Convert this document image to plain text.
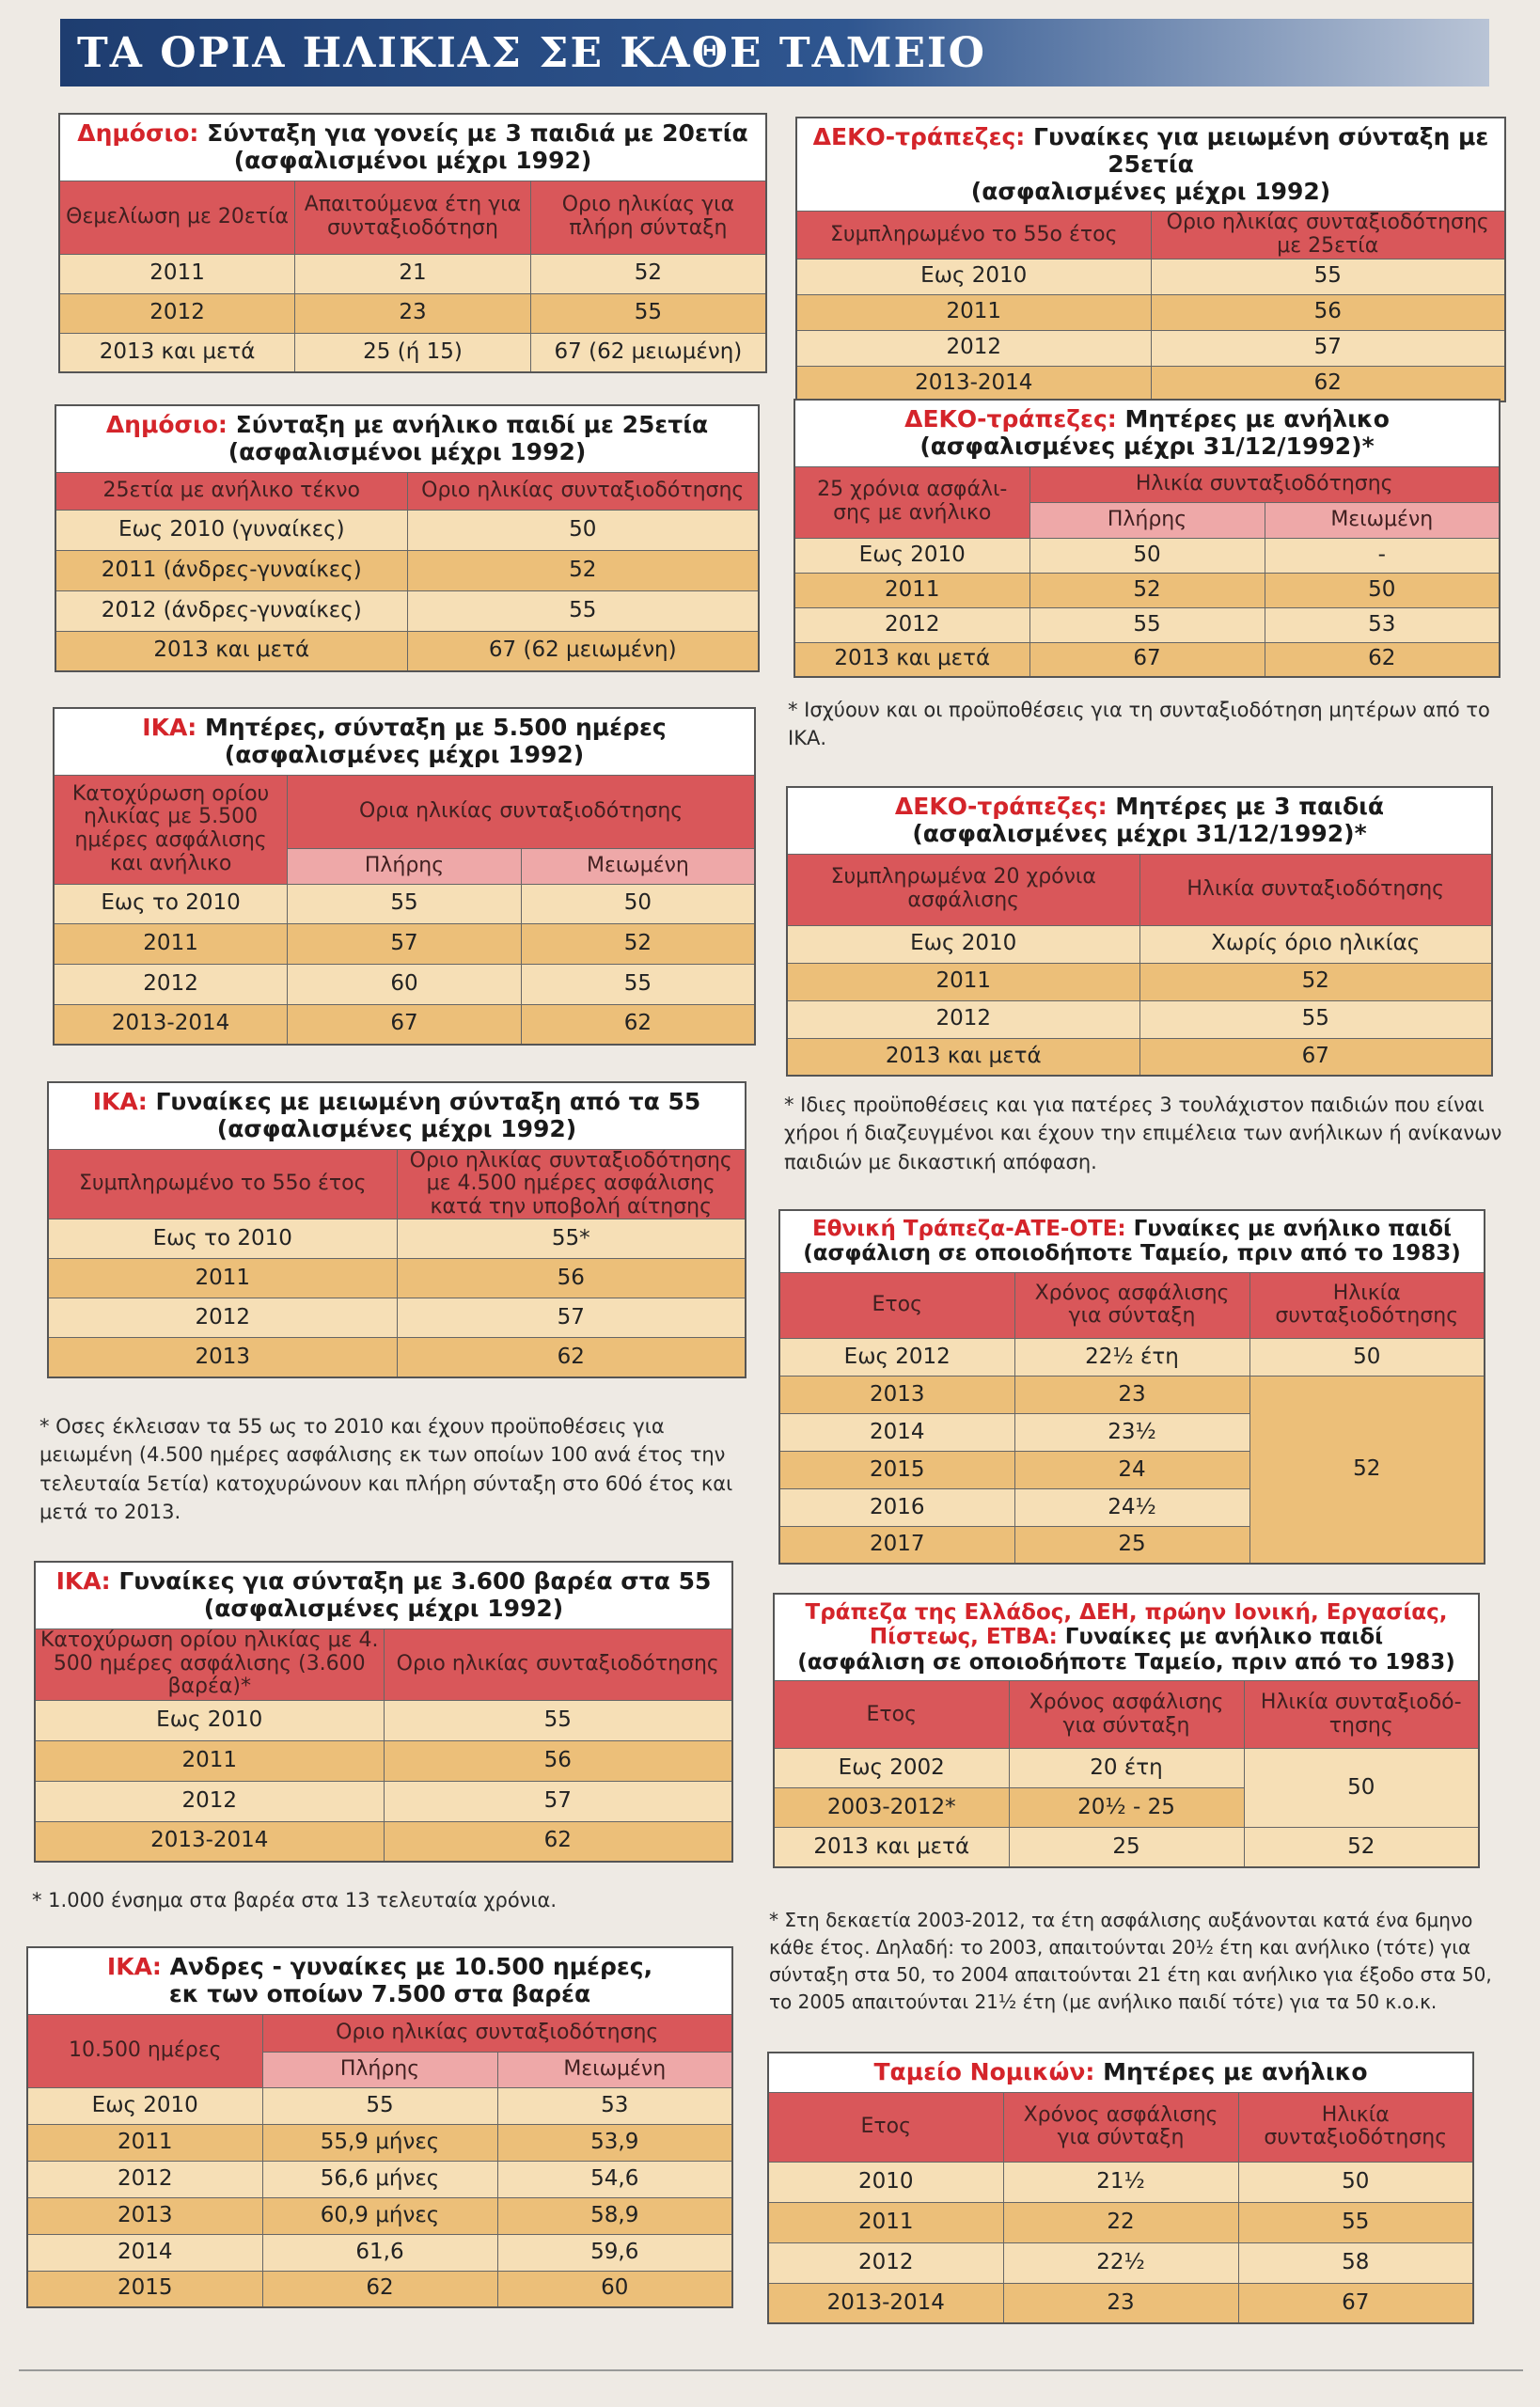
ΤΑ ΟΡΙΑ ΗΛΙΚΙΑΣ ΣΕ ΚΑΘΕ ΤΑΜΕΙΟ
Δημόσιο: Σύνταξη για γονείς με 3 παιδιά με 20ετία
(ασφαλισμένοι μέχρι 1992)		
Θεμελίωση με 20ετία	Απαιτούμενα έτη για συνταξιοδότηση	Οριο ηλικίας για πλήρη σύνταξη
2011	21	52
2012	23	55
2013 και μετά	25 (ή 15)	67 (62 μειωμένη)
Δημόσιο: Σύνταξη με ανήλικο παιδί με 25ετία
(ασφαλισμένοι μέχρι 1992)	
25ετία με ανήλικο τέκνο	Οριο ηλικίας συνταξιοδότησης
Εως 2010 (γυναίκες)	50
2011 (άνδρες-γυναίκες)	52
2012 (άνδρες-γυναίκες)	55
2013 και μετά	67 (62 μειωμένη)
ΙΚΑ: Μητέρες, σύνταξη με 5.500 ημέρες
(ασφαλισμένες μέχρι 1992)		
Κατοχύρωση ορίου ηλικίας με 5.500 ημέρες ασφάλισης και ανήλικο	Oρια ηλικίας συνταξιοδότησης	
	Πλήρης	Μειωμένη
Εως το 2010	55	50
2011	57	52
2012	60	55
2013-2014	67	62
ΙΚΑ: Γυναίκες με μειωμένη σύνταξη από τα 55
(ασφαλισμένες μέχρι 1992)	
Συμπληρωμένο το 55ο έτος	Οριο ηλικίας συνταξιοδότησης με 4.500 ημέρες ασφάλισης κατά την υποβολή αίτησης
Εως το 2010	55*
2011	56
2012	57
2013	62
* Οσες έκλεισαν τα 55 ως το 2010 και έχουν προϋποθέσεις για μειωμένη (4.500 ημέρες ασφάλισης εκ των οποίων 100 ανά έτος την τελευταία 5ετία) κατοχυρώνουν και πλήρη σύνταξη στο 60ό έτος και μετά το 2013.
ΙΚΑ: Γυναίκες για σύνταξη με 3.600 βαρέα στα 55
(ασφαλισμένες μέχρι 1992)	
Κατοχύρωση ορίου ηλικίας με 4. 500 ημέρες ασφάλισης (3.600 βαρέα)*	Οριο ηλικίας συνταξιοδότησης
Εως 2010	55
2011	56
2012	57
2013-2014	62
* 1.000 ένσημα στα βαρέα στα 13 τελευταία χρόνια.
ΙΚΑ: Ανδρες - γυναίκες με 10.500 ημέρες,
εκ των οποίων 7.500 στα βαρέα		
10.500 ημέρες	Οριο ηλικίας συνταξιοδότησης	
	Πλήρης	Μειωμένη
Εως 2010	55	53
2011	55,9 μήνες	53,9
2012	56,6 μήνες	54,6
2013	60,9 μήνες	58,9
2014	61,6	59,6
2015	62	60
ΔΕΚΟ-τράπεζες: Γυναίκες για μειωμένη σύνταξη με 25ετία
(ασφαλισμένες μέχρι 1992)	
Συμπληρωμένο το 55ο έτος	Οριο ηλικίας συνταξιοδότησης με 25ετία
Εως 2010	55
2011	56
2012	57
2013-2014	62
ΔΕΚΟ-τράπεζες: Μητέρες με ανήλικο
(ασφαλισμένες μέχρι 31/12/1992)*		
25 χρόνια ασφάλι-σης με ανήλικο	Ηλικία συνταξιοδότησης	
	Πλήρης	Μειωμένη
Εως 2010	50	-
2011	52	50
2012	55	53
2013 και μετά	67	62
* Ισχύουν και οι προϋποθέσεις για τη συνταξιοδότηση μητέρων από το ΙΚΑ.
ΔΕΚΟ-τράπεζες: Μητέρες με 3 παιδιά
(ασφαλισμένες μέχρι 31/12/1992)*	
Συμπληρωμένα 20 χρόνια ασφάλισης	Ηλικία συνταξιοδότησης
Εως 2010	Χωρίς όριο ηλικίας
2011	52
2012	55
2013 και μετά	67
* Ιδιες προϋποθέσεις και για πατέρες 3 τουλάχιστον παιδιών που είναι χήροι ή διαζευγμένοι και έχουν την επιμέλεια των ανήλικων ή ανίκανων παιδιών με δικαστική απόφαση.
Εθνική Τράπεζα-ΑΤΕ-ΟΤΕ: Γυναίκες με ανήλικο παιδί
(ασφάλιση σε οποιοδήποτε Ταμείο, πριν από το 1983)		
Ετος	Χρόνος ασφάλισης για σύνταξη	Ηλικία συνταξιοδότησης
Εως 2012	22½ έτη	50
2013	23	52
2014	23½	
2015	24	
2016	24½	
2017	25	
Τράπεζα της Ελλάδος, ΔΕΗ, πρώην Ιονική, Εργασίας, Πίστεως, ΕΤΒΑ: Γυναίκες με ανήλικο παιδί
(ασφάλιση σε οποιοδήποτε Ταμείο, πριν από το 1983)		
Ετος	Χρόνος ασφάλισης για σύνταξη	Ηλικία συνταξιοδό-τησης
Εως 2002	20 έτη	50
2003-2012*	20½ - 25	
2013 και μετά	25	52
* Στη δεκαετία 2003-2012, τα έτη ασφάλισης αυξάνονται κατά ένα 6μηνο κάθε έτος. Δηλαδή: το 2003, απαιτούνται 20½ έτη και ανήλικο (τότε) για σύνταξη στα 50, το 2004 απαιτούνται 21 έτη και ανήλικο για έξοδο στα 50, το 2005 απαιτούνται 21½ έτη (με ανήλικο παιδί τότε) για τα 50 κ.ο.κ.
Ταμείο Νομικών: Μητέρες με ανήλικο		
Ετος	Χρόνος ασφάλισης για σύνταξη	Ηλικία συνταξιοδότησης
2010	21½	50
2011	22	55
2012	22½	58
2013-2014	23	67
